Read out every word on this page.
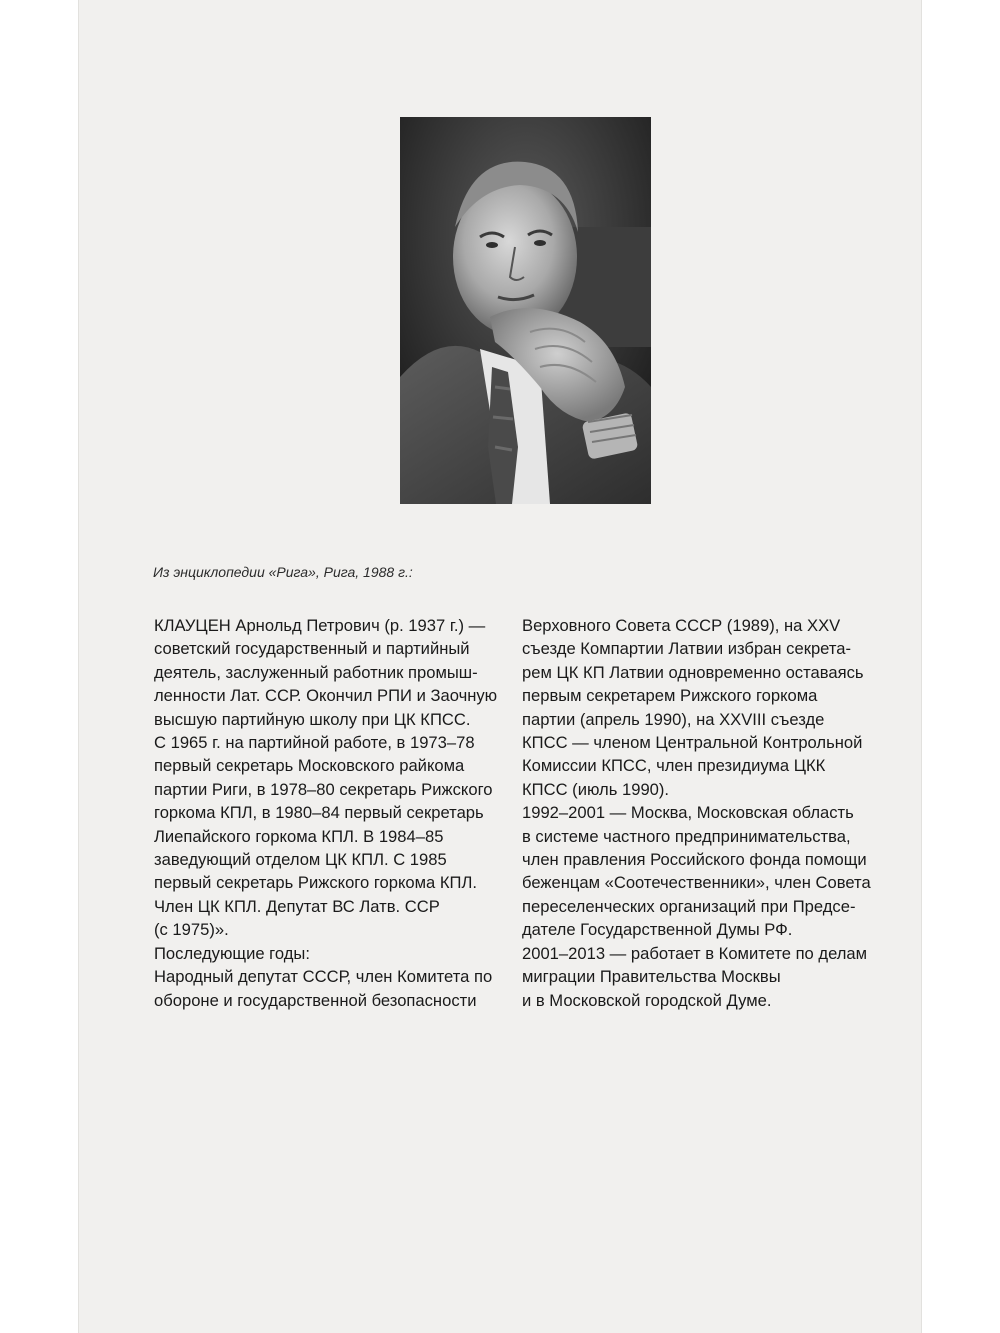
Из энциклопедии «Рига», Рига, 1988 г.:
КЛАУЦЕН Арнольд Петрович (р. 1937 г.) —
советский государственный и партийный
деятель, заслуженный работник промыш-
ленности Лат. ССР. Окончил РПИ и Заочную
высшую партийную школу при ЦК КПСС.
С 1965 г. на партийной работе, в 1973–78
первый секретарь Московского райкома
партии Риги, в 1978–80 секретарь Рижского
горкома КПЛ, в 1980–84 первый секретарь
Лиепайского горкома КПЛ. В 1984–85
заведующий отделом ЦК КПЛ. С 1985
первый секретарь Рижского горкома КПЛ.
Член ЦК КПЛ. Депутат ВС Латв. ССР
(с 1975)».
Последующие годы:
Народный депутат СССР, член Комитета по
обороне и государственной безопасности
Верховного Совета СССР (1989), на XXV
съезде Компартии Латвии избран секрета-
рем ЦК КП Латвии одновременно оставаясь
первым секретарем Рижского горкома
партии (апрель 1990), на XXVIII съезде
КПСС — членом Центральной Контрольной
Комиссии КПСС, член президиума ЦКК
КПСС (июль 1990).
1992–2001 — Москва, Московская область
в системе частного предпринимательства,
член правления Российского фонда помощи
беженцам «Соотечественники», член Совета
переселенческих организаций при Предсе-
дателе Государственной Думы РФ.
2001–2013 — работает в Комитете по делам
миграции Правительства Москвы
и в Московской городской Думе.
